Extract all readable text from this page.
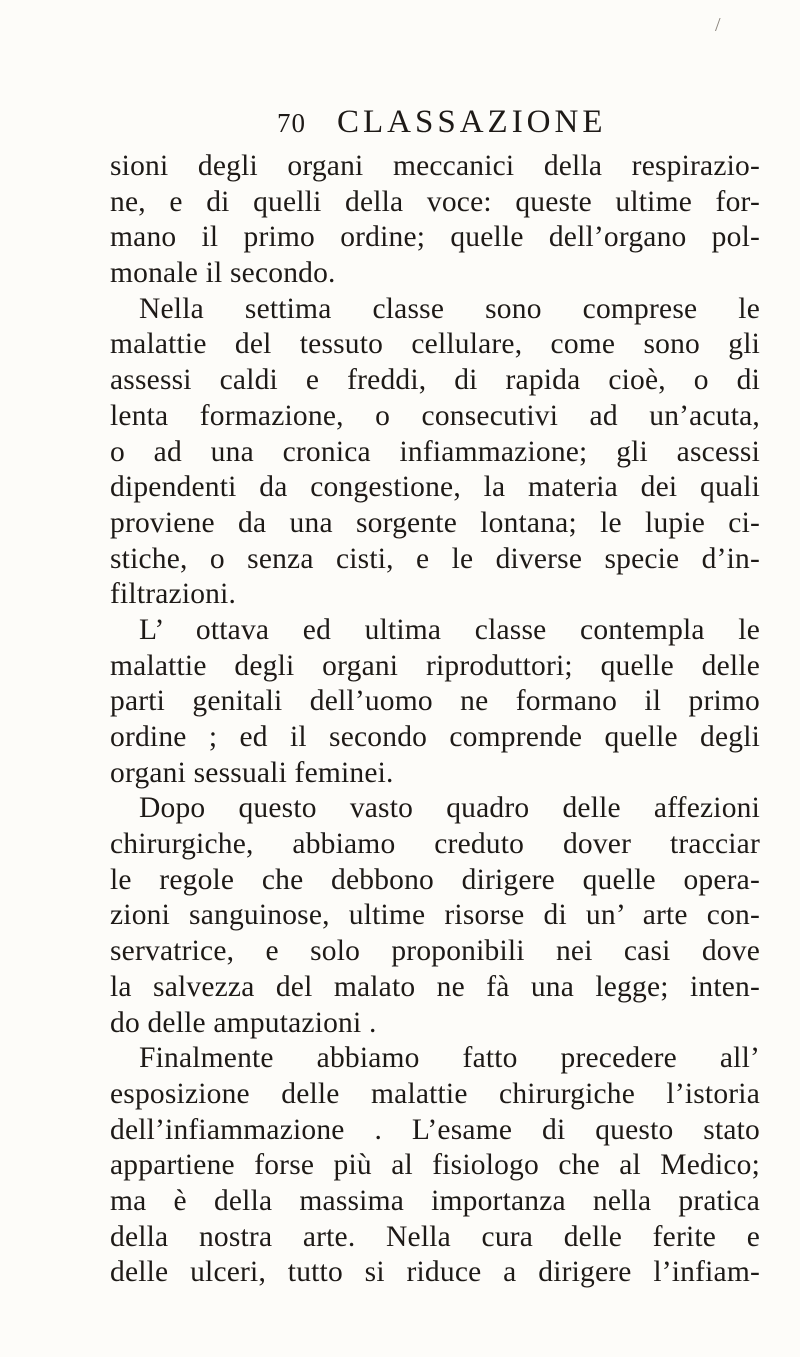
/
70 CLASSAZIONE
sioni degli organi meccanici della respirazio-
ne, e di quelli della voce: queste ultime for-
mano il primo ordine; quelle dell’organo pol-
monale il secondo.
Nella settima classe sono comprese le
malattie del tessuto cellulare, come sono gli
assessi caldi e freddi, di rapida cioè, o di
lenta formazione, o consecutivi ad un’acuta,
o ad una cronica infiammazione; gli ascessi
dipendenti da congestione, la materia dei quali
proviene da una sorgente lontana; le lupie ci-
stiche, o senza cisti, e le diverse specie d’in-
filtrazioni.
L’ ottava ed ultima classe contempla le
malattie degli organi riproduttori; quelle delle
parti genitali dell’uomo ne formano il primo
ordine ; ed il secondo comprende quelle degli
organi sessuali feminei.
Dopo questo vasto quadro delle affezioni
chirurgiche, abbiamo creduto dover tracciar
le regole che debbono dirigere quelle opera-
zioni sanguinose, ultime risorse di un’ arte con-
servatrice, e solo proponibili nei casi dove
la salvezza del malato ne fà una legge; inten-
do delle amputazioni .
Finalmente abbiamo fatto precedere all’
esposizione delle malattie chirurgiche l’istoria
dell’infiammazione . L’esame di questo stato
appartiene forse più al fisiologo che al Medico;
ma è della massima importanza nella pratica
della nostra arte. Nella cura delle ferite e
delle ulceri, tutto si riduce a dirigere l’infiam-
